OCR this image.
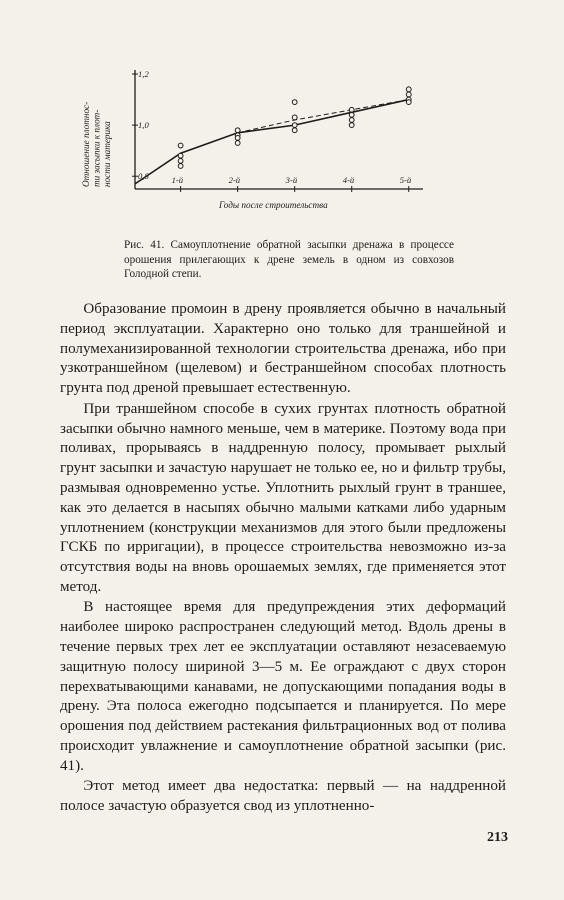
0,8
1,0
1,2
1-й	2-й	3-й	4-й	5-й
Годы после строительства
Отношение плотнос- ти засыпки к плот- ности материка
Рис. 41. Самоуплотнение обратной засыпки дренажа в процессе орошения прилегающих к дрене земель в одном из совхозов Голодной степи.

Образование промоин в дрену проявляется обычно в начальный период эксплуатации. Характерно оно только для траншейной и полумеханизированной технологии строительства дренажа, ибо при узкотраншейном (щелевом) и бестраншейном способах плотность грунта под дреной превышает естественную.

При траншейном способе в сухих грунтах плотность обратной засыпки обычно намного меньше, чем в материке. Поэтому вода при поливах, прорываясь в наддренную полосу, промывает рыхлый грунт засыпки и зачастую нарушает не только ее, но и фильтр трубы, размывая одновременно устье. Уплотнить рыхлый грунт в траншее, как это делается в насыпях обычно малыми катками либо ударным уплотнением (конструкции механизмов для этого были предложены ГСКБ по ирригации), в процессе строительства невозможно из-за отсутствия воды на вновь орошаемых землях, где применяется этот метод.

В настоящее время для предупреждения этих деформаций наиболее широко распространен следующий метод. Вдоль дрены в течение первых трех лет ее эксплуатации оставляют незасеваемую защитную полосу шириной 3—5 м. Ее ограждают с двух сторон перехватывающими канавами, не допускающими попадания воды в дрену. Эта полоса ежегодно подсыпается и планируется. По мере орошения под действием растекания фильтрационных вод от полива происходит увлажнение и самоуплотнение обратной засыпки (рис. 41).

Этот метод имеет два недостатка: первый — на наддренной полосе зачастую образуется свод из уплотненно-

213
